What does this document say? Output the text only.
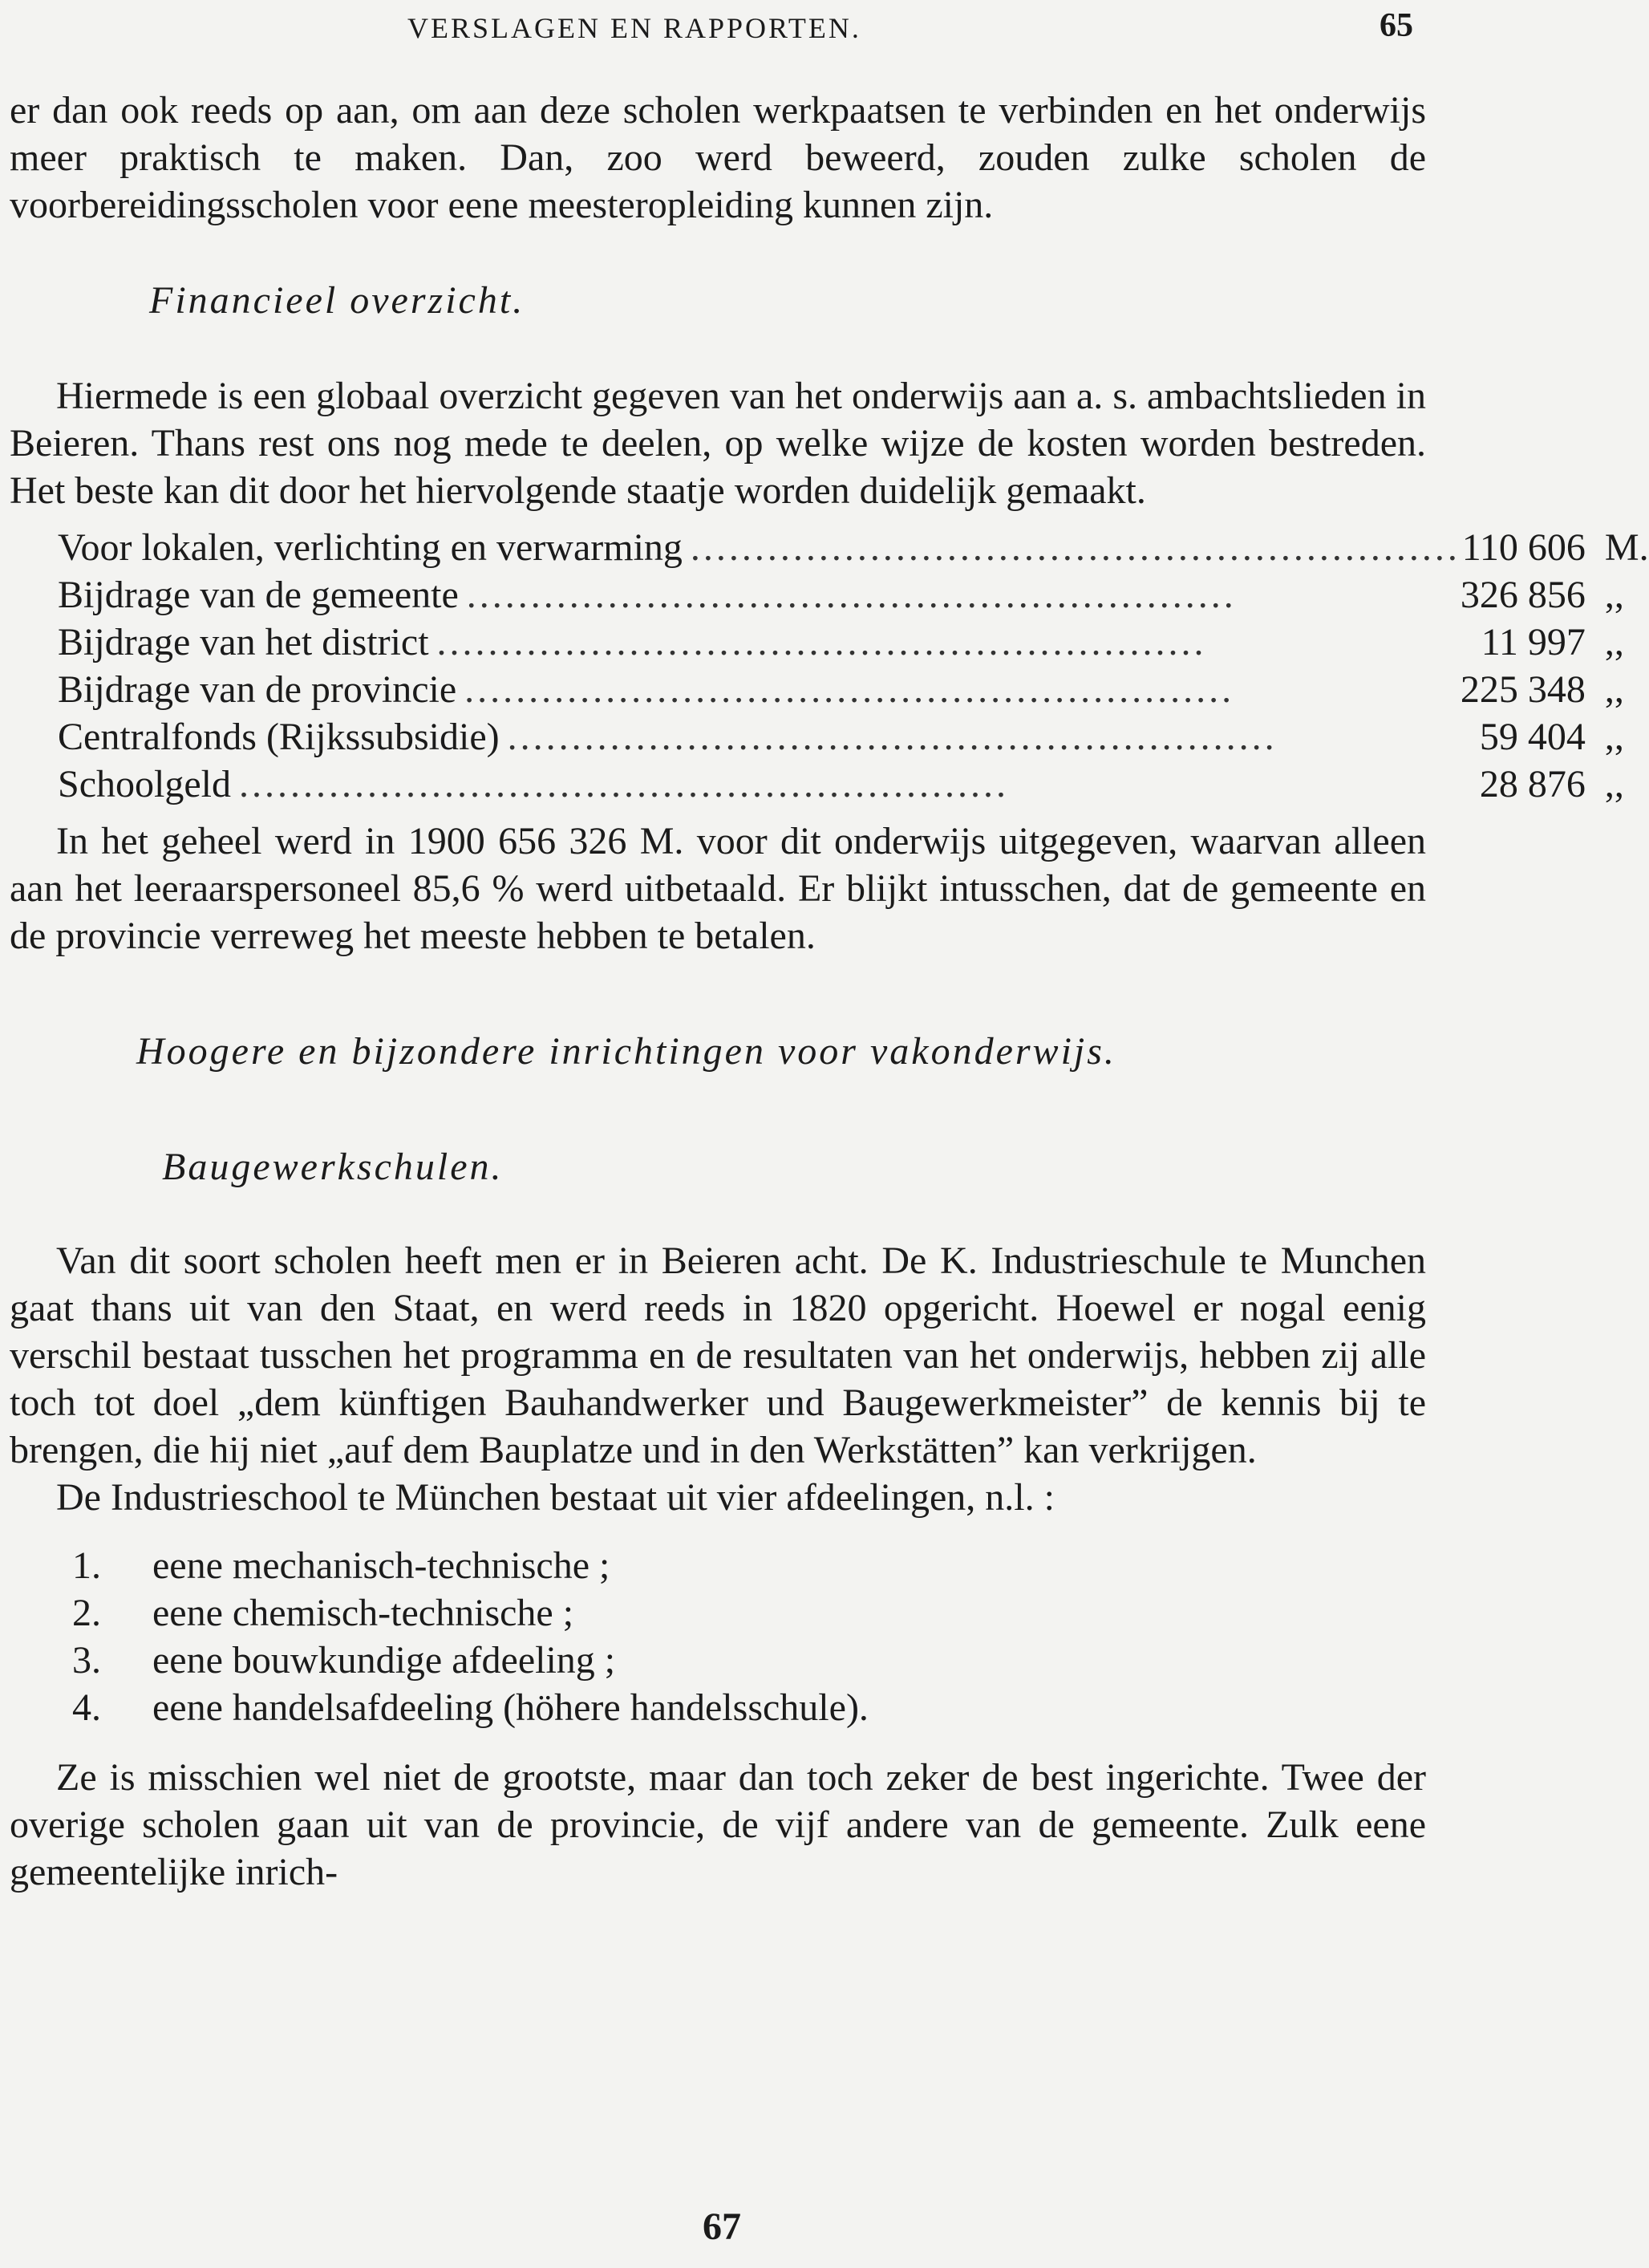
VERSLAGEN EN RAPPORTEN.	65

er dan ook reeds op aan, om aan deze scholen werkpaatsen te verbinden en het onderwijs meer praktisch te maken. Dan, zoo werd beweerd, zouden zulke scholen de voorbereidingsscholen voor eene meesteropleiding kunnen zijn.

Financieel overzicht.

Hiermede is een globaal overzicht gegeven van het onderwijs aan a. s. ambachtslieden in Beieren. Thans rest ons nog mede te deelen, op welke wijze de kosten worden bestreden. Het beste kan dit door het hiervolgende staatje worden duidelijk gemaakt.

Voor lokalen, verlichting en verwarming ............................................................	110 606	M.
Bijdrage van de gemeente ............................................................	326 856	,,
Bijdrage van het district ............................................................	11 997	,,
Bijdrage van de provincie ............................................................	225 348	,,
Centralfonds (Rijkssubsidie) ............................................................	59 404	,,
Schoolgeld ............................................................	28 876	,,

In het geheel werd in 1900 656 326 M. voor dit onderwijs uitgegeven, waarvan alleen aan het leeraarspersoneel 85,6 % werd uitbetaald. Er blijkt intusschen, dat de gemeente en de provincie verreweg het meeste hebben te betalen.

Hoogere en bijzondere inrichtingen voor vakonderwijs.

Baugewerkschulen.

Van dit soort scholen heeft men er in Beieren acht. De K. Industrieschule te Munchen gaat thans uit van den Staat, en werd reeds in 1820 opgericht. Hoewel er nogal eenig verschil bestaat tusschen het programma en de resultaten van het onderwijs, hebben zij alle toch tot doel „dem künftigen Bauhandwerker und Baugewerkmeister” de kennis bij te brengen, die hij niet „auf dem Bauplatze und in den Werkstätten” kan verkrijgen.

De Industrieschool te München bestaat uit vier afdeelingen, n.l. :

1. eene mechanisch-technische ;
2. eene chemisch-technische ;
3. eene bouwkundige afdeeling ;
4. eene handelsafdeeling (höhere handelsschule).

Ze is misschien wel niet de grootste, maar dan toch zeker de best ingerichte. Twee der overige scholen gaan uit van de provincie, de vijf andere van de gemeente. Zulk eene gemeentelijke inrich-

67
